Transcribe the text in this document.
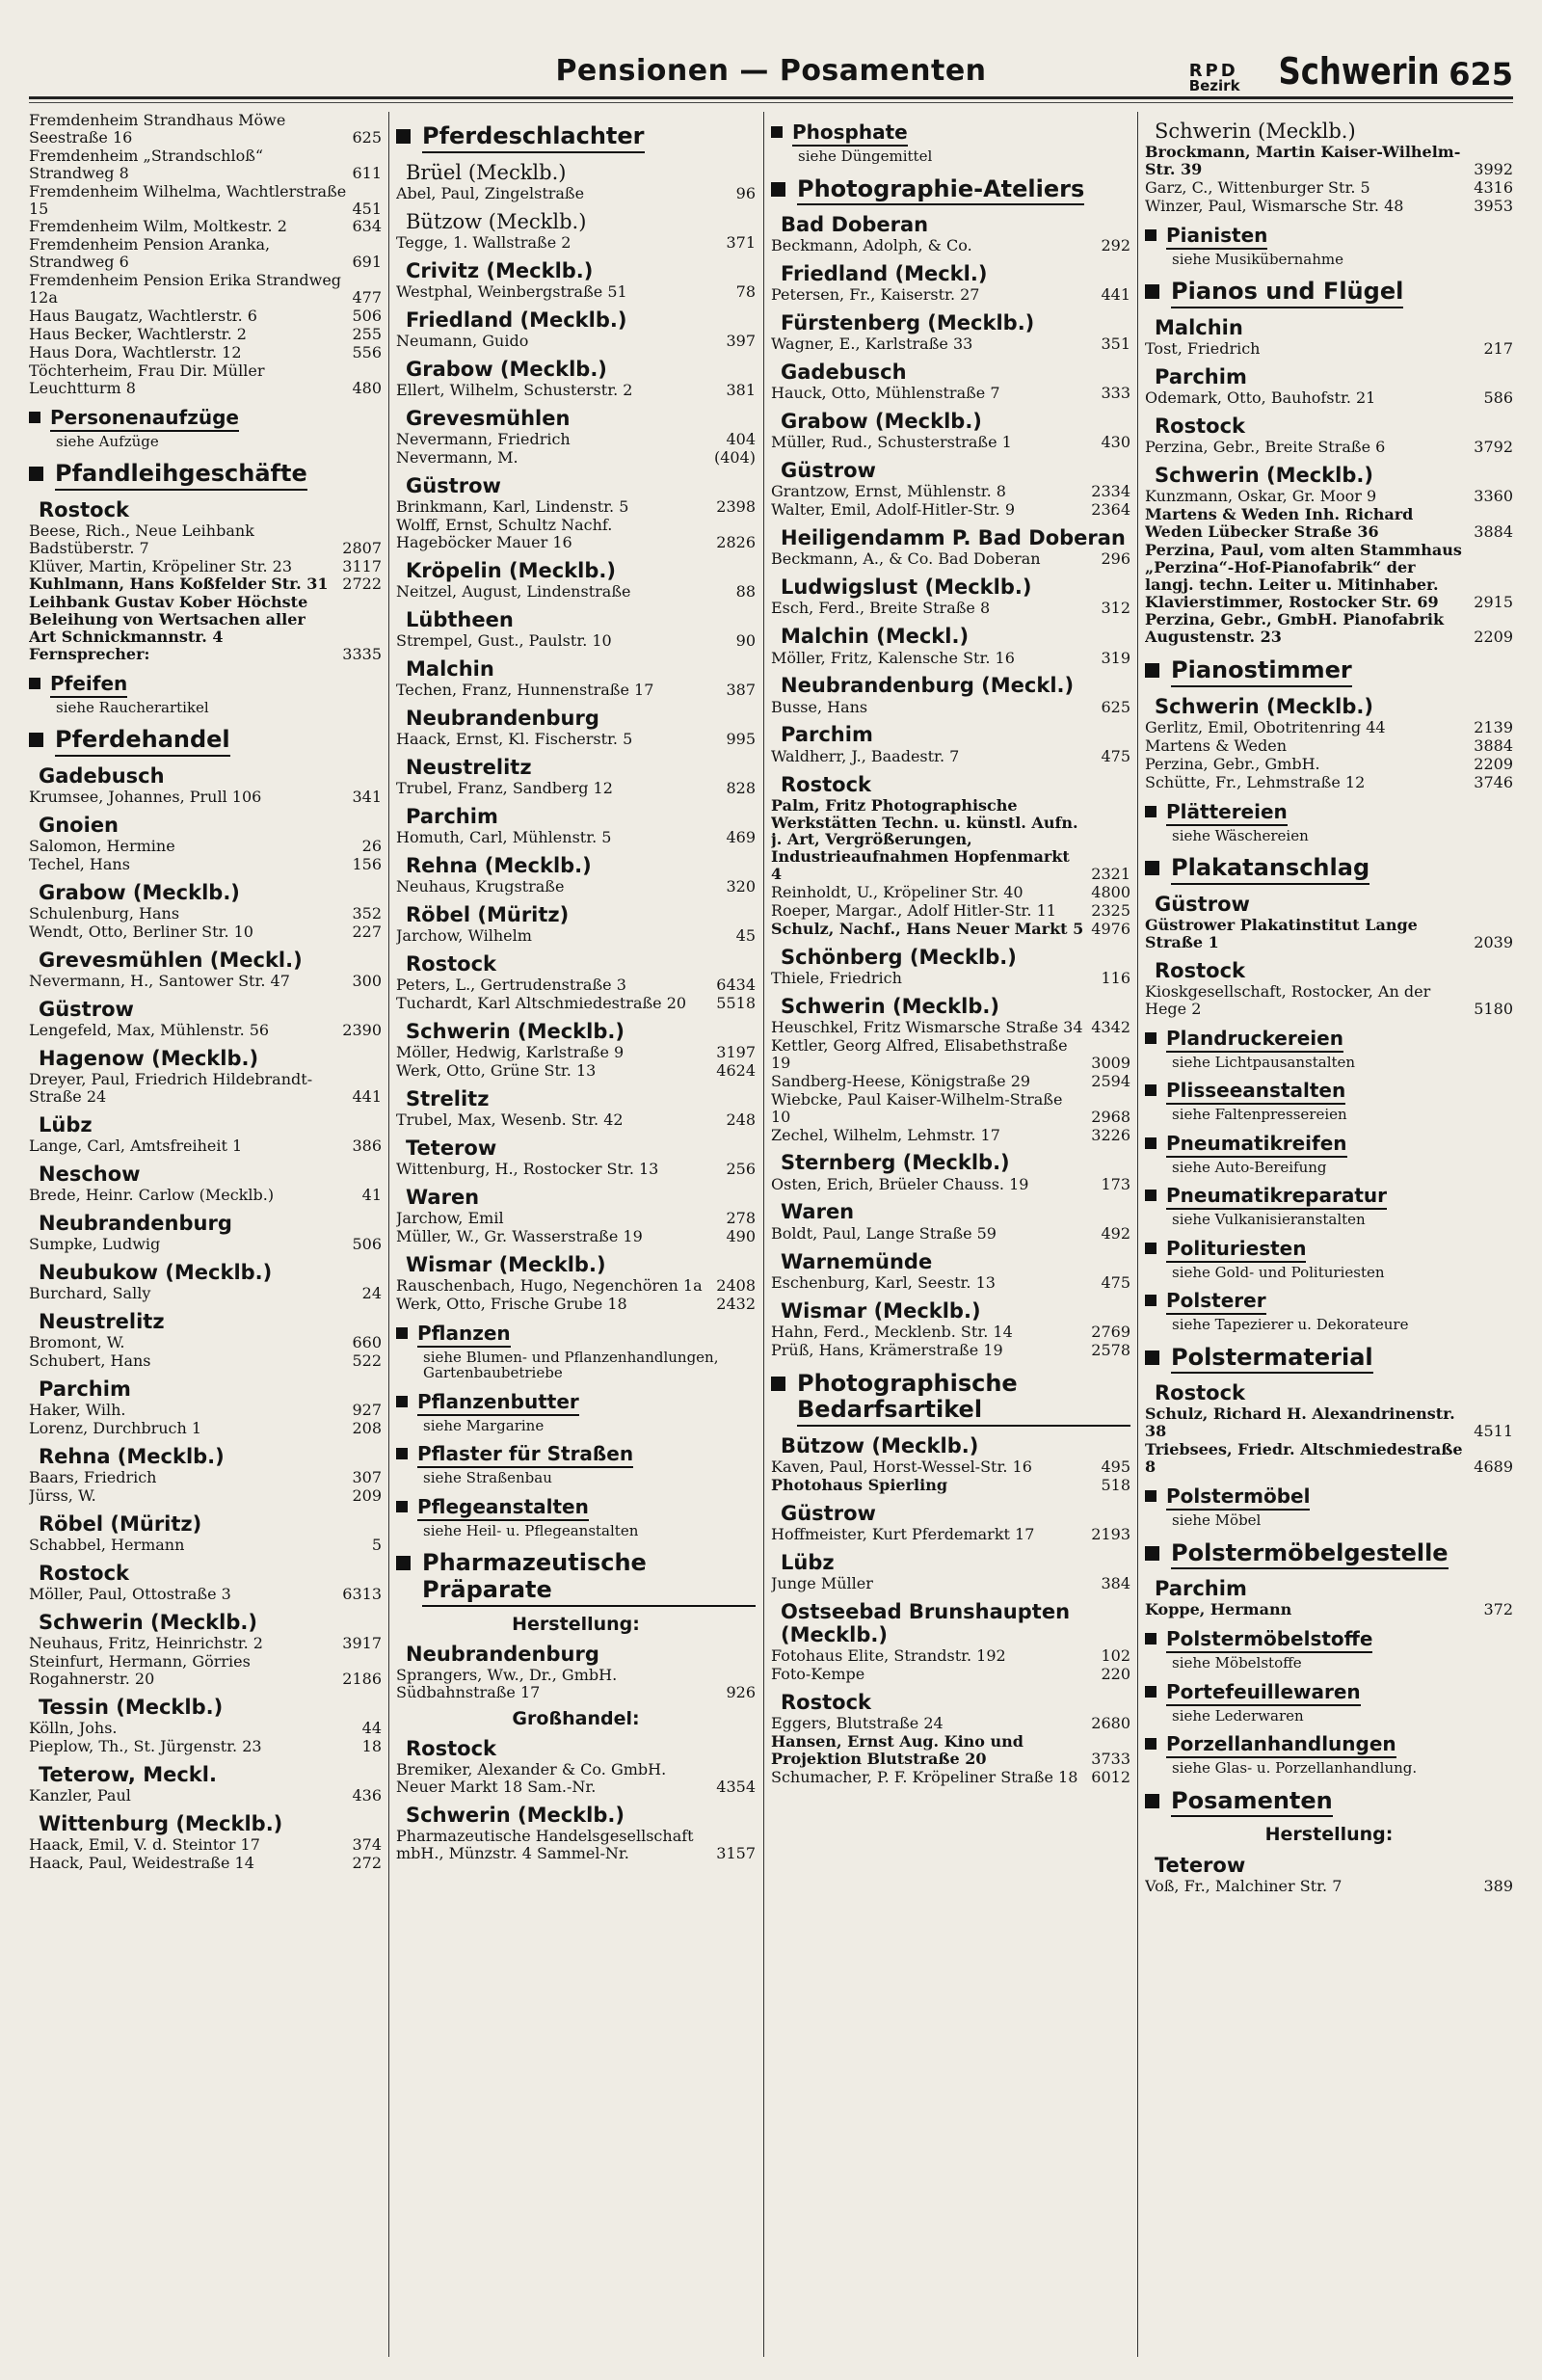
Pensionen — Posamenten	RPD
Bezirk Schwerin 625
Fremdenheim Strandhaus Möwe Seestraße 16	625
Fremdenheim „Strandschloß“ Strandweg 8	611
Fremdenheim Wilhelma, Wachtlerstraße 15	451
Fremdenheim Wilm, Moltkestr. 2	634
Fremdenheim Pension Aranka, Strandweg 6	691
Fremdenheim Pension Erika Strandweg 12a	477
Haus Baugatz, Wachtlerstr. 6	506
Haus Becker, Wachtlerstr. 2	255
Haus Dora, Wachtlerstr. 12	556
Töchterheim, Frau Dir. Müller Leuchtturm 8	480
Personenaufzüge
siehe Aufzüge
Pfandleihgeschäfte
Rostock
Beese, Rich., Neue Leihbank Badstüberstr. 7	2807
Klüver, Martin, Kröpeliner Str. 23	3117
Kuhlmann, Hans Koßfelder Str. 31 2722
Leihbank Gustav Kober Höchste Beleihung von Wertsachen aller Art Schnickmannstr. 4 Fernsprecher:	3335
Pfeifen
siehe Raucherartikel
Pferdehandel
Gadebusch
Krumsee, Johannes, Prull 106	341
Gnoien
Salomon, Hermine	26
Techel, Hans	156
Grabow (Mecklb.)
Schulenburg, Hans	352
Wendt, Otto, Berliner Str. 10	227
Grevesmühlen (Meckl.)
Nevermann, H., Santower Str. 47	300
Güstrow
Lengefeld, Max, Mühlenstr. 56	2390
Hagenow (Mecklb.)
Dreyer, Paul, Friedrich Hildebrandt-Straße 24	441
Lübz
Lange, Carl, Amtsfreiheit 1	386
Neschow
Brede, Heinr. Carlow (Mecklb.)	41
Neubrandenburg
Sumpke, Ludwig	506
Neubukow (Mecklb.)
Burchard, Sally	24
Neustrelitz
Bromont, W.	660
Schubert, Hans	522
Parchim
Haker, Wilh.	927
Lorenz, Durchbruch 1	208
Rehna (Mecklb.)
Baars, Friedrich	307
Jürss, W.	209
Röbel (Müritz)
Schabbel, Hermann	5
Rostock
Möller, Paul, Ottostraße 3	6313
Schwerin (Mecklb.)
Neuhaus, Fritz, Heinrichstr. 2	3917
Steinfurt, Hermann, Görries Rogahnerstr. 20	2186
Tessin (Mecklb.)
Kölln, Johs.	44
Pieplow, Th., St. Jürgenstr. 23	18
Teterow, Meckl.
Kanzler, Paul	436
Wittenburg (Mecklb.)
Haack, Emil, V. d. Steintor 17	374
Haack, Paul, Weidestraße 14	272
Pferdeschlachter
Brüel (Mecklb.)
Abel, Paul, Zingelstraße	96
Bützow (Mecklb.)
Tegge, 1. Wallstraße 2	371
Crivitz (Mecklb.)
Westphal, Weinbergstraße 51	78
Friedland (Mecklb.)
Neumann, Guido	397
Grabow (Mecklb.)
Ellert, Wilhelm, Schusterstr. 2	381
Grevesmühlen
Nevermann, Friedrich	404
Nevermann, M.	(404)
Güstrow
Brinkmann, Karl, Lindenstr. 5	2398
Wolff, Ernst, Schultz Nachf. Hageböcker Mauer 16	2826
Kröpelin (Mecklb.)
Neitzel, August, Lindenstraße	88
Lübtheen
Strempel, Gust., Paulstr. 10	90
Malchin
Techen, Franz, Hunnenstraße 17	387
Neubrandenburg
Haack, Ernst, Kl. Fischerstr. 5	995
Neustrelitz
Trubel, Franz, Sandberg 12	828
Parchim
Homuth, Carl, Mühlenstr. 5	469
Rehna (Mecklb.)
Neuhaus, Krugstraße	320
Röbel (Müritz)
Jarchow, Wilhelm	45
Rostock
Peters, L., Gertrudenstraße 3	6434
Tuchardt, Karl Altschmiedestraße 20	5518
Schwerin (Mecklb.)
Möller, Hedwig, Karlstraße 9	3197
Werk, Otto, Grüne Str. 13	4624
Strelitz
Trubel, Max, Wesenb. Str. 42	248
Teterow
Wittenburg, H., Rostocker Str. 13	256
Waren
Jarchow, Emil	278
Müller, W., Gr. Wasserstraße 19	490
Wismar (Mecklb.)
Rauschenbach, Hugo, Negenchören 1a 2408
Werk, Otto, Frische Grube 18	2432
Pflanzen
siehe Blumen- und Pflanzenhandlungen, Gartenbaubetriebe
Pflanzenbutter
siehe Margarine
Pflaster für Straßen
siehe Straßenbau
Pflegeanstalten
siehe Heil- u. Pflegeanstalten
Pharmazeutische Präparate
Herstellung:
Neubrandenburg
Sprangers, Ww., Dr., GmbH. Südbahnstraße 17	926
Großhandel:
Rostock
Bremiker, Alexander & Co. GmbH. Neuer Markt 18 Sam.-Nr.	4354
Schwerin (Mecklb.)
Pharmazeutische Handelsgesellschaft mbH., Münzstr. 4 Sammel-Nr.	3157
Phosphate
siehe Düngemittel
Photographie-Ateliers
Bad Doberan
Beckmann, Adolph, & Co.	292
Friedland (Meckl.)
Petersen, Fr., Kaiserstr. 27	441
Fürstenberg (Mecklb.)
Wagner, E., Karlstraße 33	351
Gadebusch
Hauck, Otto, Mühlenstraße 7	333
Grabow (Mecklb.)
Müller, Rud., Schusterstraße 1	430
Güstrow
Grantzow, Ernst, Mühlenstr. 8	2334
Walter, Emil, Adolf-Hitler-Str. 9	2364
Heiligendamm P. Bad Doberan
Beckmann, A., & Co. Bad Doberan	296
Ludwigslust (Mecklb.)
Esch, Ferd., Breite Straße 8	312
Malchin (Meckl.)
Möller, Fritz, Kalensche Str. 16	319
Neubrandenburg (Meckl.)
Busse, Hans	625
Parchim
Waldherr, J., Baadestr. 7	475
Rostock
Palm, Fritz Photographische Werkstätten Techn. u. künstl. Aufn. j. Art, Vergrößerungen, Industrieaufnahmen Hopfenmarkt 4	2321
Reinholdt, U., Kröpeliner Str. 40	4800
Roeper, Margar., Adolf Hitler-Str. 11	2325
Schulz, Nachf., Hans Neuer Markt 5 4976
Schönberg (Mecklb.)
Thiele, Friedrich	116
Schwerin (Mecklb.)
Heuschkel, Fritz Wismarsche Straße 34 4342
Kettler, Georg Alfred, Elisabethstraße 19	3009
Sandberg-Heese, Königstraße 29	2594
Wiebcke, Paul Kaiser-Wilhelm-Straße 10	2968
Zechel, Wilhelm, Lehmstr. 17	3226
Sternberg (Mecklb.)
Osten, Erich, Brüeler Chauss. 19	173
Waren
Boldt, Paul, Lange Straße 59	492
Warnemünde
Eschenburg, Karl, Seestr. 13	475
Wismar (Mecklb.)
Hahn, Ferd., Mecklenb. Str. 14	2769
Prüß, Hans, Krämerstraße 19	2578
Photographische Bedarfsartikel
Bützow (Mecklb.)
Kaven, Paul, Horst-Wessel-Str. 16	495
Photohaus Spierling	518
Güstrow
Hoffmeister, Kurt Pferdemarkt 17	2193
Lübz
Junge Müller	384
Ostseebad Brunshaupten (Mecklb.)
Fotohaus Elite, Strandstr. 192	102
Foto-Kempe	220
Rostock
Eggers, Blutstraße 24	2680
Hansen, Ernst Aug. Kino und Projektion Blutstraße 20	3733
Schumacher, P. F. Kröpeliner Straße 18 6012
Schwerin (Mecklb.)
Brockmann, Martin Kaiser-Wilhelm-Str. 39	3992
Garz, C., Wittenburger Str. 5	4316
Winzer, Paul, Wismarsche Str. 48	3953
Pianisten
siehe Musikübernahme
Pianos und Flügel
Malchin
Tost, Friedrich	217
Parchim
Odemark, Otto, Bauhofstr. 21	586
Rostock
Perzina, Gebr., Breite Straße 6	3792
Schwerin (Mecklb.)
Kunzmann, Oskar, Gr. Moor 9	3360
Martens & Weden Inh. Richard Weden Lübecker Straße 36	3884
Perzina, Paul, vom alten Stammhaus „Perzina“-Hof-Pianofabrik“ der langj. techn. Leiter u. Mitinhaber. Klavierstimmer, Rostocker Str. 69	2915
Perzina, Gebr., GmbH. Pianofabrik Augustenstr. 23	2209
Pianostimmer
Schwerin (Mecklb.)
Gerlitz, Emil, Obotritenring 44	2139
Martens & Weden	3884
Perzina, Gebr., GmbH.	2209
Schütte, Fr., Lehmstraße 12	3746
Plättereien
siehe Wäschereien
Plakatanschlag
Güstrow
Güstrower Plakatinstitut Lange Straße 1	2039
Rostock
Kioskgesellschaft, Rostocker, An der Hege 2	5180
Plandruckereien
siehe Lichtpausanstalten
Plisseeanstalten
siehe Faltenpressereien
Pneumatikreifen
siehe Auto-Bereifung
Pneumatikreparatur
siehe Vulkanisieranstalten
Polituriesten
siehe Gold- und Polituriesten
Polsterer
siehe Tapezierer u. Dekorateure
Polstermaterial
Rostock
Schulz, Richard H. Alexandrinenstr. 38	4511
Triebsees, Friedr. Altschmiedestraße 8	4689
Polstermöbel
siehe Möbel
Polstermöbelgestelle
Parchim
Koppe, Hermann	372
Polstermöbelstoffe
siehe Möbelstoffe
Portefeuillewaren
siehe Lederwaren
Porzellanhandlungen
siehe Glas- u. Porzellanhandlung.
Posamenten
Herstellung:
Teterow
Voß, Fr., Malchiner Str. 7	389
